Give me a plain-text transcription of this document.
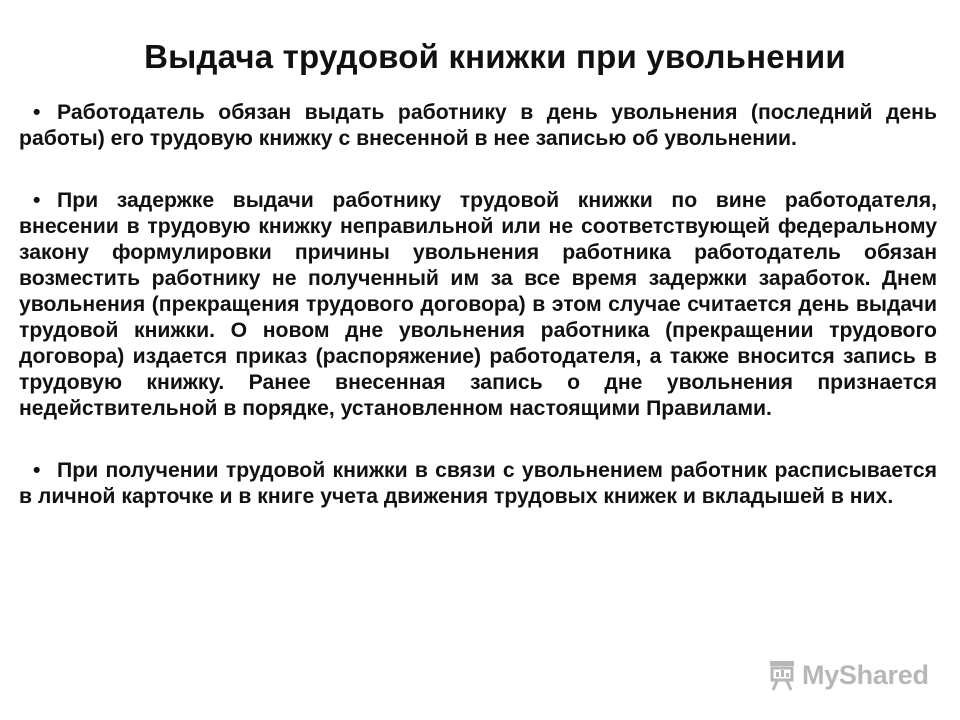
Выдача трудовой книжки при увольнении
• Работодатель обязан выдать работнику в день увольнения (последний день работы) его трудовую книжку с внесенной в нее записью об увольнении.
• При задержке выдачи работнику трудовой книжки по вине работодателя, внесении в трудовую книжку неправильной или не соответствующей федеральному закону формулировки причины увольнения работника работодатель обязан возместить работнику не полученный им за все время задержки заработок. Днем увольнения (прекращения трудового договора) в этом случае считается день выдачи трудовой книжки. О новом дне увольнения работника (прекращении трудового договора) издается приказ (распоряжение) работодателя, а также вносится запись в трудовую книжку. Ранее внесенная запись о дне увольнения признается недействительной в порядке, установленном настоящими Правилами.
• При получении трудовой книжки в связи с увольнением работник расписывается в личной карточке и в книге учета движения трудовых книжек и вкладышей в них.
MyShared
